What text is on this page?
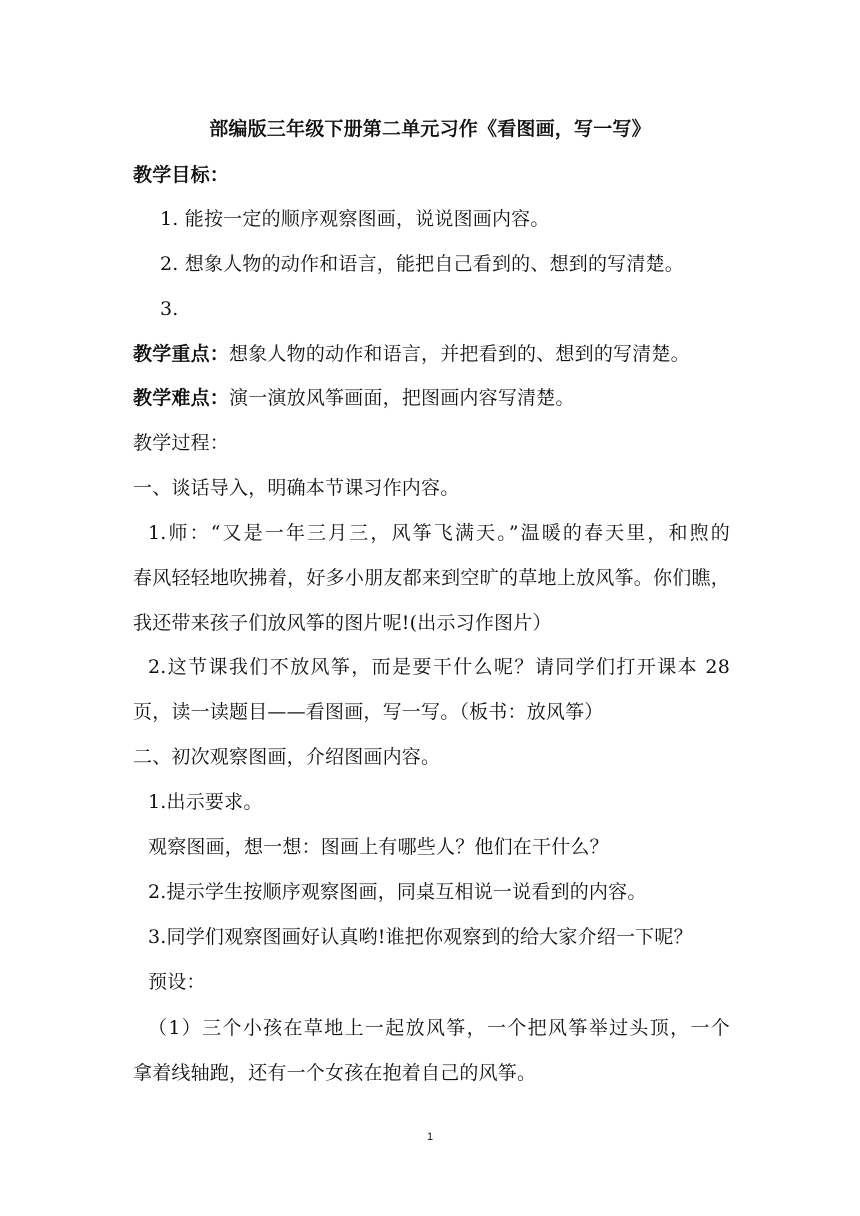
部编版三年级下册第二单元习作《看图画，写一写》
教学目标：
1. 能按一定的顺序观察图画，说说图画内容。
2. 想象人物的动作和语言，能把自己看到的、想到的写清楚。
3.
教学重点：想象人物的动作和语言，并把看到的、想到的写清楚。
教学难点：演一演放风筝画面，把图画内容写清楚。
教学过程：
一、谈话导入，明确本节课习作内容。
1.师：“又是一年三月三，风筝飞满天。”温暖的春天里，和煦的
春风轻轻地吹拂着，好多小朋友都来到空旷的草地上放风筝。你们瞧，
我还带来孩子们放风筝的图片呢!(出示习作图片）
2.这节课我们不放风筝，而是要干什么呢？请同学们打开课本 28
页，读一读题目——看图画，写一写。（板书：放风筝）
二、初次观察图画，介绍图画内容。
1.出示要求。
观察图画，想一想：图画上有哪些人？他们在干什么？
2.提示学生按顺序观察图画，同桌互相说一说看到的内容。
3.同学们观察图画好认真哟!谁把你观察到的给大家介绍一下呢？
预设：
（1）三个小孩在草地上一起放风筝，一个把风筝举过头顶，一个
拿着线轴跑，还有一个女孩在抱着自己的风筝。
1
